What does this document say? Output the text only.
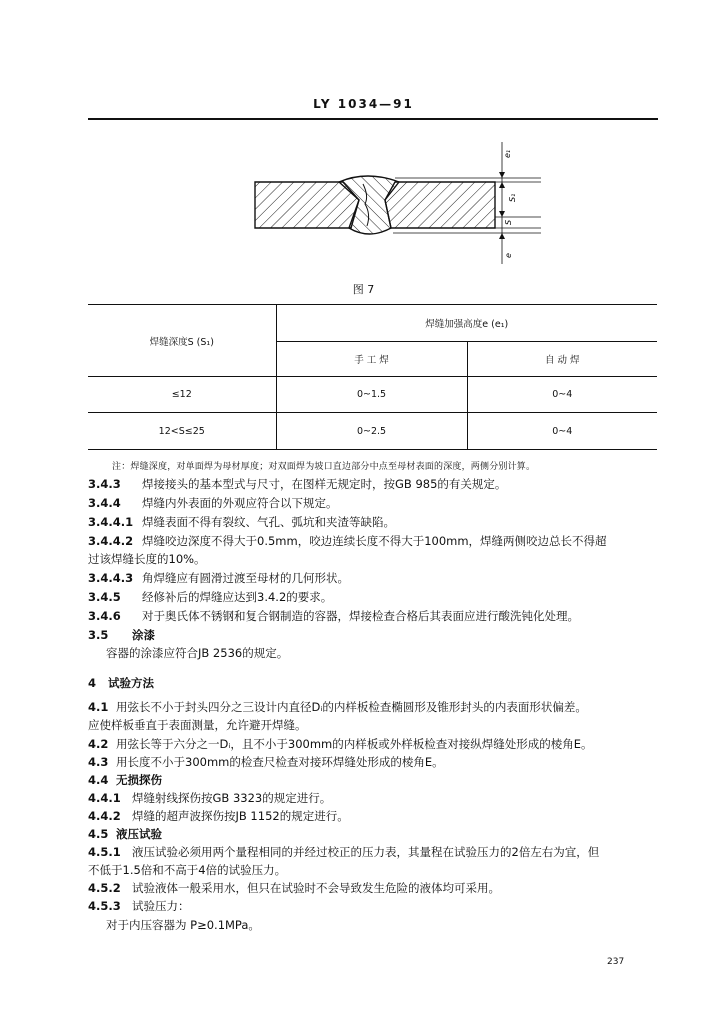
LY 1034—91
e₁
S₁
S
e
图 7
焊缝深度S (S₁)	焊缝加强高度e (e₁)	
	手 工 焊	自 动 焊
≤12	0~1.5	0~4
12<S≤25	0~2.5	0~4
注：焊缝深度，对单面焊为母材厚度；对双面焊为坡口直边部分中点至母材表面的深度，两侧分别计算。
3.4.3 焊接接头的基本型式与尺寸，在图样无规定时，按GB 985的有关规定。
3.4.4 焊缝内外表面的外观应符合以下规定。
3.4.4.1 焊缝表面不得有裂纹、气孔、弧坑和夹渣等缺陷。
3.4.4.2 焊缝咬边深度不得大于0.5mm，咬边连续长度不得大于100mm，焊缝两侧咬边总长不得超
过该焊缝长度的10%。
3.4.4.3 角焊缝应有圆滑过渡至母材的几何形状。
3.4.5 经修补后的焊缝应达到3.4.2的要求。
3.4.6 对于奥氏体不锈钢和复合钢制造的容器，焊接检查合格后其表面应进行酸洗钝化处理。
3.5 涂漆
容器的涂漆应符合JB 2536的规定。
4 试验方法
4.1 用弦长不小于封头四分之三设计内直径Dᵢ的内样板检查椭圆形及锥形封头的内表面形状偏差。
应使样板垂直于表面测量，允许避开焊缝。
4.2 用弦长等于六分之一Dᵢ，且不小于300mm的内样板或外样板检查对接纵焊缝处形成的棱角E。
4.3 用长度不小于300mm的检查尺检查对接环焊缝处形成的棱角E。
4.4 无损探伤
4.4.1 焊缝射线探伤按GB 3323的规定进行。
4.4.2 焊缝的超声波探伤按JB 1152的规定进行。
4.5 液压试验
4.5.1 液压试验必须用两个量程相同的并经过校正的压力表，其量程在试验压力的2倍左右为宜，但
不低于1.5倍和不高于4倍的试验压力。
4.5.2 试验液体一般采用水，但只在试验时不会导致发生危险的液体均可采用。
4.5.3 试验压力：
对于内压容器为 P≥0.1MPa。
237
